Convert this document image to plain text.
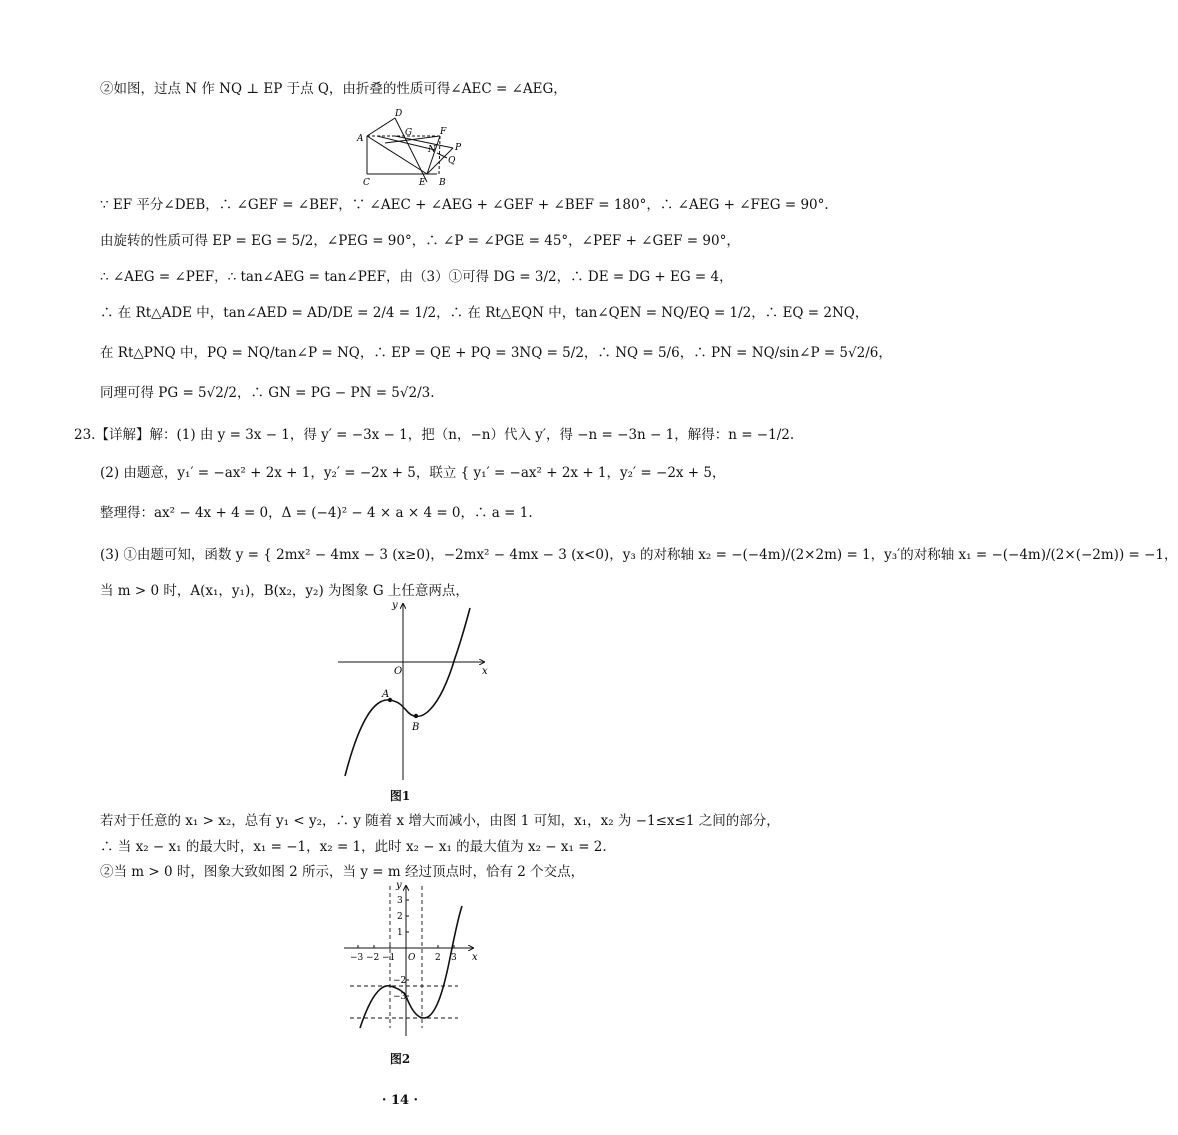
②如图，过点 N 作 NQ ⊥ EP 于点 Q，由折叠的性质可得∠AEC = ∠AEG，
A
D
G	F
N P
Q
C	E B
∵ EF 平分∠DEB，∴ ∠GEF = ∠BEF，∵ ∠AEC + ∠AEG + ∠GEF + ∠BEF = 180°，∴ ∠AEG + ∠FEG = 90°.
由旋转的性质可得 EP = EG = 5/2，∠PEG = 90°，∴ ∠P = ∠PGE = 45°，∠PEF + ∠GEF = 90°，
∴ ∠AEG = ∠PEF，∴ tan∠AEG = tan∠PEF，由（3）①可得 DG = 3/2，∴ DE = DG + EG = 4，
∴ 在 Rt△ADE 中，tan∠AED = AD/DE = 2/4 = 1/2，∴ 在 Rt△EQN 中，tan∠QEN = NQ/EQ = 1/2，∴ EQ = 2NQ，
在 Rt△PNQ 中，PQ = NQ/tan∠P = NQ，∴ EP = QE + PQ = 3NQ = 5/2，∴ NQ = 5/6，∴ PN = NQ/sin∠P = 5√2/6，
同理可得 PG = 5√2/2，∴ GN = PG − PN = 5√2/3.
23.【详解】解：(1) 由 y = 3x − 1，得 y′ = −3x − 1，把（n，−n）代入 y′，得 −n = −3n − 1，解得：n = −1/2.
(2) 由题意，y₁′ = −ax² + 2x + 1，y₂′ = −2x + 5，联立 { y₁′ = −ax² + 2x + 1，y₂′ = −2x + 5，
整理得：ax² − 4x + 4 = 0，Δ = (−4)² − 4 × a × 4 = 0，∴ a = 1.
(3) ①由题可知，函数 y = { 2mx² − 4mx − 3 (x≥0)，−2mx² − 4mx − 3 (x<0)，y₃ 的对称轴 x₂ = −(−4m)/(2×2m) = 1，y₃′的对称轴 x₁ = −(−4m)/(2×(−2m)) = −1，
当 m > 0 时，A(x₁，y₁)，B(x₂，y₂) 为图象 G 上任意两点，
y
x
O
A
B
图1
若对于任意的 x₁ > x₂，总有 y₁ < y₂，∴ y 随着 x 增大而减小，由图 1 可知，x₁，x₂ 为 −1≤x≤1 之间的部分，
∴ 当 x₂ − x₁ 的最大时，x₁ = −1，x₂ = 1，此时 x₂ − x₁ 的最大值为 x₂ − x₁ = 2.
②当 m > 0 时，图象大致如图 2 所示，当 y = m 经过顶点时，恰有 2 个交点，
−3 −2 −1	2 3
3
2
1
−2
−3
y
x
O
图2
· 14 ·
